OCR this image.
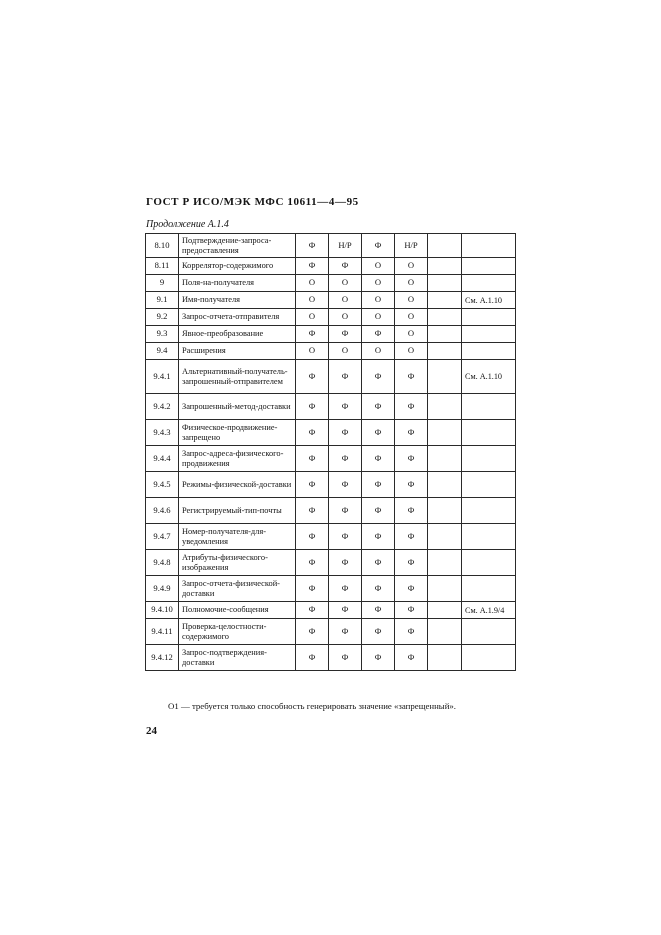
ГОСТ Р ИСО/МЭК МФС 10611—4—95
Продолжение А.1.4
8.10	Подтверждение-запроса-предоставления	Ф	Н/Р	Ф	Н/Р		
8.11	Коррелятор-содержимого	Ф	Ф	О	О		
9	Поля-на-получателя	О	О	О	О		
9.1	Имя-получателя	О	О	О	О		См. А.1.10
9.2	Запрос-отчета-отправителя	О	О	О	О		
9.3	Явное-преобразование	Ф	Ф	Ф	О		
9.4	Расширения	О	О	О	О		
9.4.1	Альтернативный-получатель-запрошенный-отправителем	Ф	Ф	Ф	Ф		См. А.1.10
9.4.2	Запрошенный-метод-доставки	Ф	Ф	Ф	Ф		
9.4.3	Физическое-продвижение-запрещено	Ф	Ф	Ф	Ф		
9.4.4	Запрос-адреса-физического-продвижения	Ф	Ф	Ф	Ф		
9.4.5	Режимы-физической-доставки	Ф	Ф	Ф	Ф		
9.4.6	Регистрируемый-тип-почты	Ф	Ф	Ф	Ф		
9.4.7	Номер-получателя-для-уведомления	Ф	Ф	Ф	Ф		
9.4.8	Атрибуты-физического-изображения	Ф	Ф	Ф	Ф		
9.4.9	Запрос-отчета-физической-доставки	Ф	Ф	Ф	Ф		
9.4.10	Полномочие-сообщения	Ф	Ф	Ф	Ф		См. А.1.9/4
9.4.11	Проверка-целостности-содержимого	Ф	Ф	Ф	Ф		
9.4.12	Запрос-подтверждения-доставки	Ф	Ф	Ф	Ф		
О1 — требуется только способность генерировать значение «запрещенный».
24
